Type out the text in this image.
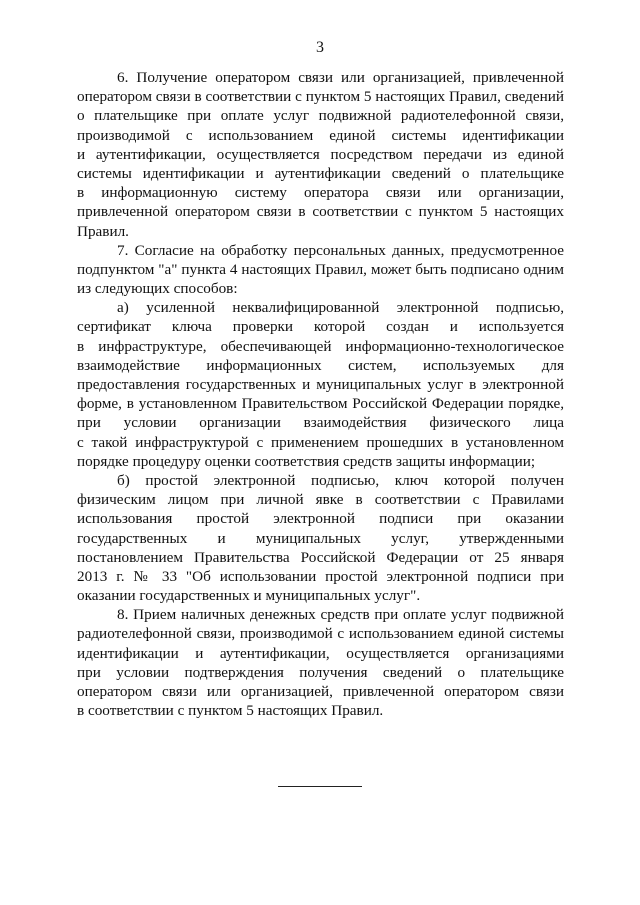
3
6. Получение оператором связи или организацией, привлеченной
оператором связи в соответствии с пунктом 5 настоящих Правил, сведений
о плательщике при оплате услуг подвижной радиотелефонной связи,
производимой с использованием единой системы идентификации
и аутентификации, осуществляется посредством передачи из единой
системы идентификации и аутентификации сведений о плательщике
в информационную систему оператора связи или организации,
привлеченной оператором связи в соответствии с пунктом 5 настоящих
Правил.
7. Согласие на обработку персональных данных, предусмотренное
подпунктом "а" пункта 4 настоящих Правил, может быть подписано одним
из следующих способов:
а) усиленной неквалифицированной электронной подписью,
сертификат ключа проверки которой создан и используется
в инфраструктуре, обеспечивающей информационно-технологическое
взаимодействие информационных систем, используемых для
предоставления государственных и муниципальных услуг в электронной
форме, в установленном Правительством Российской Федерации порядке,
при условии организации взаимодействия физического лица
с такой инфраструктурой с применением прошедших в установленном
порядке процедуру оценки соответствия средств защиты информации;
б) простой электронной подписью, ключ которой получен
физическим лицом при личной явке в соответствии с Правилами
использования простой электронной подписи при оказании
государственных и муниципальных услуг, утвержденными
постановлением Правительства Российской Федерации от 25 января
2013 г. № 33 "Об использовании простой электронной подписи при
оказании государственных и муниципальных услуг".
8. Прием наличных денежных средств при оплате услуг подвижной
радиотелефонной связи, производимой с использованием единой системы
идентификации и аутентификации, осуществляется организациями
при условии подтверждения получения сведений о плательщике
оператором связи или организацией, привлеченной оператором связи
в соответствии с пунктом 5 настоящих Правил.
